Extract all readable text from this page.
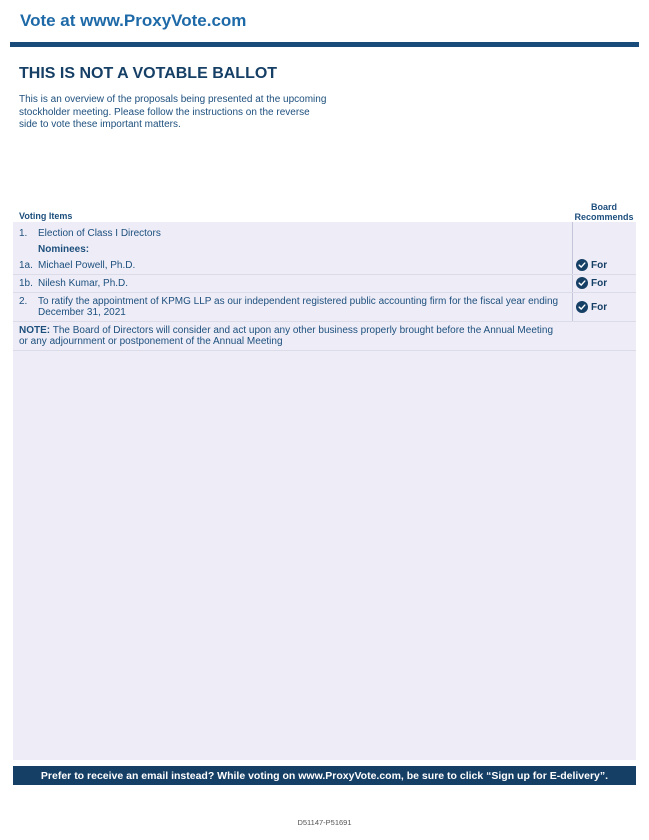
Vote at www.ProxyVote.com
THIS IS NOT A VOTABLE BALLOT
This is an overview of the proposals being presented at the upcoming stockholder meeting. Please follow the instructions on the reverse side to vote these important matters.
Voting Items
Board
Recommends
1. Election of Class I Directors
Nominees:
1a. Michael Powell, Ph.D.	For
1b. Nilesh Kumar, Ph.D.	For
2. To ratify the appointment of KPMG LLP as our independent registered public accounting firm for the fiscal year ending
December 31, 2021	For
NOTE: The Board of Directors will consider and act upon any other business properly brought before the Annual Meeting
or any adjournment or postponement of the Annual Meeting
Prefer to receive an email instead? While voting on www.ProxyVote.com, be sure to click “Sign up for E-delivery”.
D51147-P51691
